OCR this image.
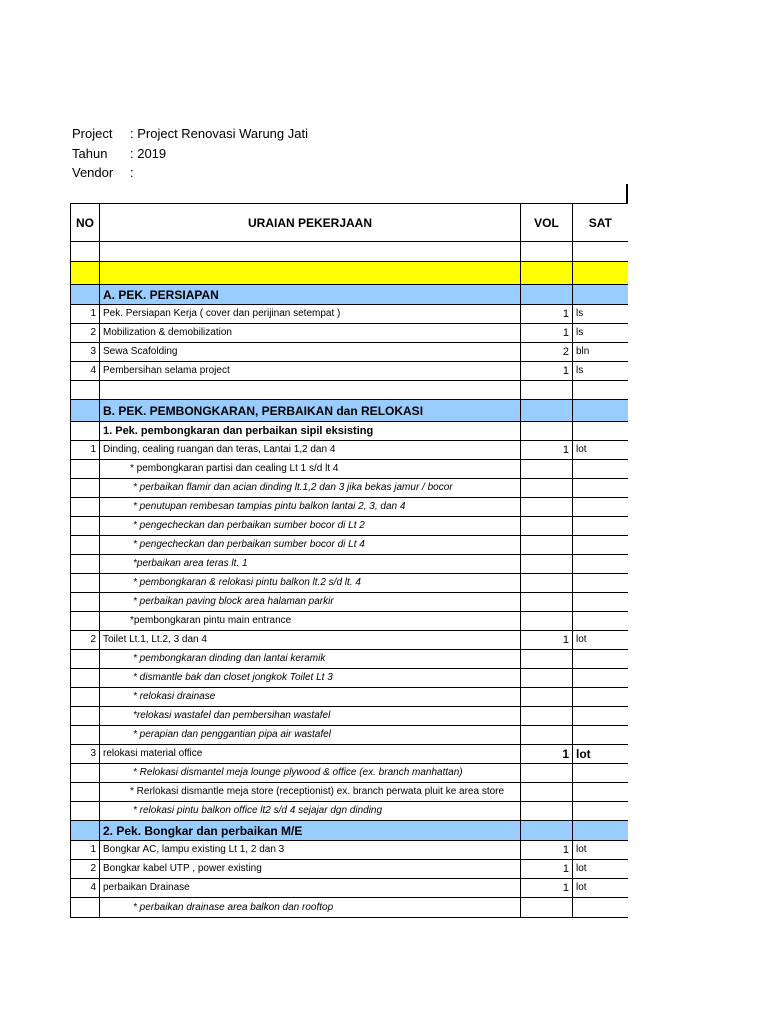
Project	: Project Renovasi Warung Jati
Tahun	: 2019
Vendor	:
NO	URAIAN PEKERJAAN	VOL	SAT

	A. PEK. PERSIAPAN		
1	Pek. Persiapan Kerja ( cover dan perijinan setempat )	1	ls
2	Mobilization & demobilization	1	ls
3	Sewa Scafolding	2	bln
4	Pembersihan selama project	1	ls

	B. PEK. PEMBONGKARAN, PERBAIKAN dan RELOKASI		
	1. Pek. pembongkaran dan perbaikan sipil eksisting		
1	Dinding, cealing ruangan dan teras, Lantai 1,2 dan 4	1	lot
	* pembongkaran partisi dan cealing Lt 1 s/d lt 4		
	* perbaikan flamir dan acian dinding lt.1,2 dan 3 jika bekas jamur / bocor		
	* penutupan rembesan tampias pintu balkon lantai 2, 3, dan 4		
	* pengecheckan dan perbaikan sumber bocor di Lt 2		
	* pengecheckan dan perbaikan sumber bocor di Lt 4		
	*perbaikan area teras lt. 1		
	* pembongkaran & relokasi pintu balkon lt.2 s/d lt. 4		
	* perbaikan paving block area halaman parkir		
	*pembongkaran pintu main entrance		
2	Toilet Lt.1, Lt.2, 3 dan 4	1	lot
	* pembongkaran dinding dan lantai keramik		
	* dismantle bak dan closet jongkok Toilet Lt 3		
	* relokasi drainase		
	*relokasi wastafel dan pembersihan wastafel		
	* perapian dan penggantian pipa air wastafel		
3	relokasi material office	1	lot
	* Relokasi dismantel meja lounge plywood & office (ex. branch manhattan)		
	* Rerlokasi dismantle meja store (receptionist) ex. branch perwata pluit ke area store		
	* relokasi pintu balkon office lt2 s/d 4 sejajar dgn dinding		
	2. Pek. Bongkar dan perbaikan M/E		
1	Bongkar AC, lampu existing Lt 1, 2 dan 3	1	lot
2	Bongkar kabel UTP , power existing	1	lot
4	perbaikan Drainase	1	lot
	* perbaikan drainase area balkon dan rooftop		
